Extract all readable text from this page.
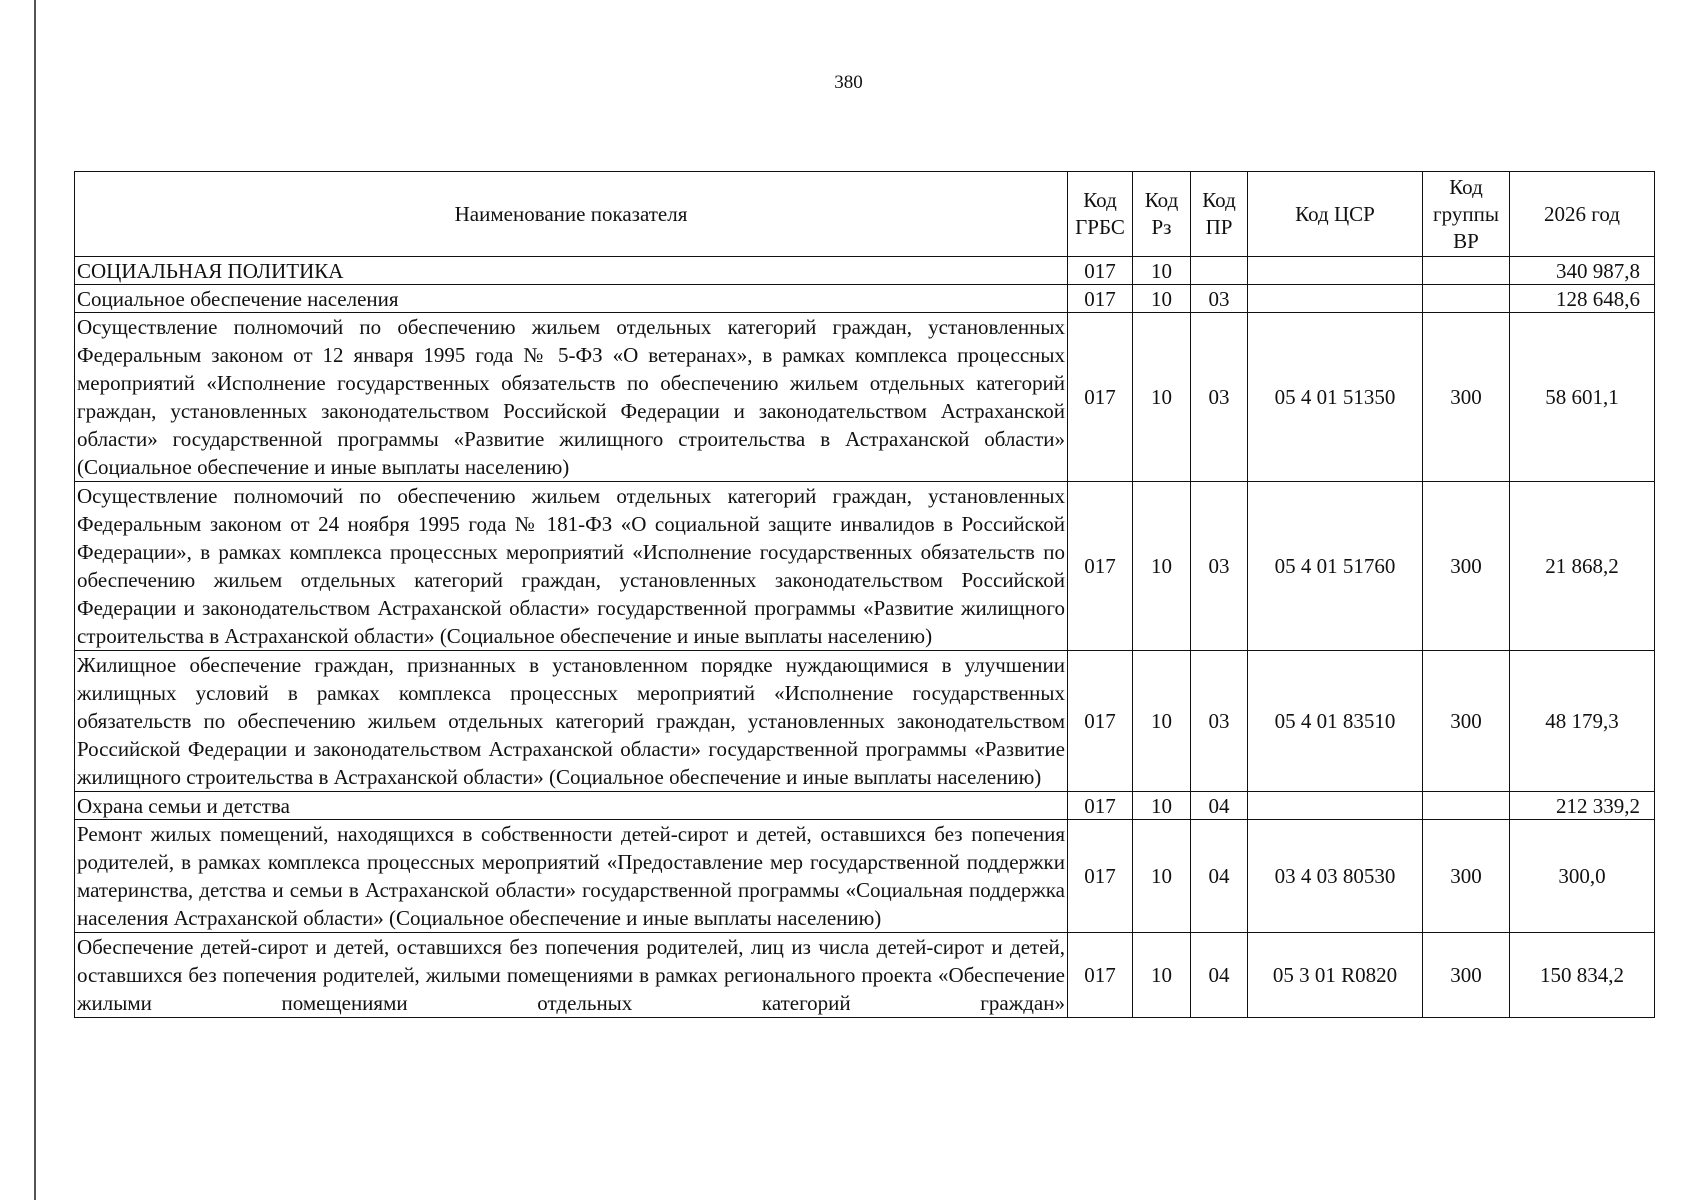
380
Наименование показателя	Код ГРБС	Код Рз	Код ПР	Код ЦСР	Код группы ВР	2026 год
СОЦИАЛЬНАЯ ПОЛИТИКА	017	10				340 987,8
Социальное обеспечение населения	017	10	03			128 648,6
Осуществление полномочий по обеспечению жильем отдельных категорий граждан, установленных Федеральным законом от 12 января 1995 года № 5-ФЗ «О ветеранах», в рамках комплекса процессных мероприятий «Исполнение государственных обязательств по обеспечению жильем отдельных категорий граждан, установленных законодательством Российской Федерации и законодательством Астраханской области» государственной программы «Развитие жилищного строительства в Астраханской области» (Социальное обеспечение и иные выплаты населению)	017	10	03	05 4 01 51350	300	58 601,1
Осуществление полномочий по обеспечению жильем отдельных категорий граждан, установленных Федеральным законом от 24 ноября 1995 года № 181-ФЗ «О социальной защите инвалидов в Российской Федерации», в рамках комплекса процессных мероприятий «Исполнение государственных обязательств по обеспечению жильем отдельных категорий граждан, установленных законодательством Российской Федерации и законодательством Астраханской области» государственной программы «Развитие жилищного строительства в Астраханской области» (Социальное обеспечение и иные выплаты населению)	017	10	03	05 4 01 51760	300	21 868,2
Жилищное обеспечение граждан, признанных в установленном порядке нуждающимися в улучшении жилищных условий в рамках комплекса процессных мероприятий «Исполнение государственных обязательств по обеспечению жильем отдельных категорий граждан, установленных законодательством Российской Федерации и законодательством Астраханской области» государственной программы «Развитие жилищного строительства в Астраханской области» (Социальное обеспечение и иные выплаты населению)	017	10	03	05 4 01 83510	300	48 179,3
Охрана семьи и детства	017	10	04			212 339,2
Ремонт жилых помещений, находящихся в собственности детей-сирот и детей, оставшихся без попечения родителей, в рамках комплекса процессных мероприятий «Предоставление мер государственной поддержки материнства, детства и семьи в Астраханской области» государственной программы «Социальная поддержка населения Астраханской области» (Социальное обеспечение и иные выплаты населению)	017	10	04	03 4 03 80530	300	300,0
Обеспечение детей-сирот и детей, оставшихся без попечения родителей, лиц из числа детей-сирот и детей, оставшихся без попечения родителей, жилыми помещениями в рамках регионального проекта «Обеспечение жилыми помещениями отдельных категорий граждан»	017	10	04	05 3 01 R0820	300	150 834,2
